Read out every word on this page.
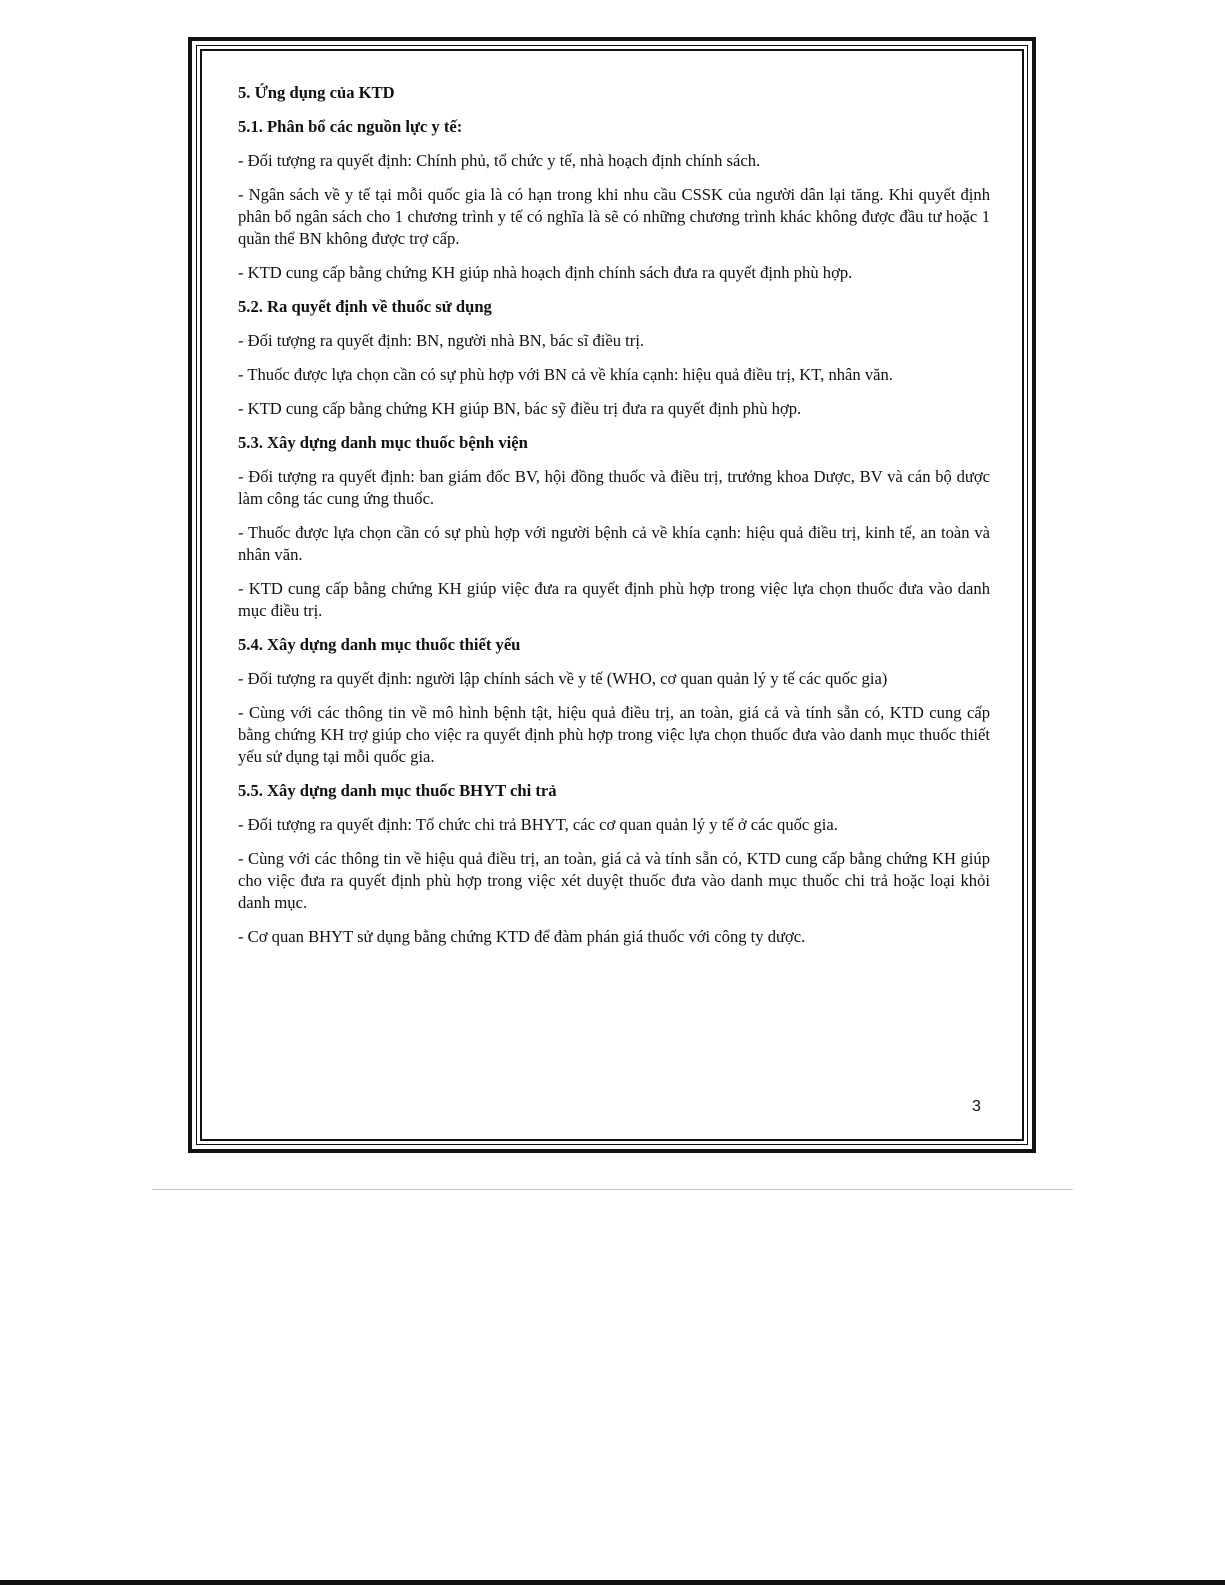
5. Ứng dụng của KTD
5.1. Phân bổ các nguồn lực y tế:
- Đối tượng ra quyết định: Chính phủ, tổ chức y tế, nhà hoạch định chính sách.
- Ngân sách về y tế tại mỗi quốc gia là có hạn trong khi nhu cầu CSSK của người dân lại tăng. Khi quyết định phân bổ ngân sách cho 1 chương trình y tế có nghĩa là sẽ có những chương trình khác không được đầu tư hoặc 1 quần thể BN không được trợ cấp.
- KTD cung cấp bằng chứng KH giúp nhà hoạch định chính sách đưa ra quyết định phù hợp.
5.2. Ra quyết định về thuốc sử dụng
- Đối tượng ra quyết định: BN, người nhà BN, bác sĩ điều trị.
- Thuốc được lựa chọn cần có sự phù hợp với BN cả về khía cạnh: hiệu quả điều trị, KT, nhân văn.
- KTD cung cấp bằng chứng KH giúp BN, bác sỹ điều trị đưa ra quyết định phù hợp.
5.3. Xây dựng danh mục thuốc bệnh viện
- Đối tượng ra quyết định: ban giám đốc BV, hội đồng thuốc và điều trị, trưởng khoa Dược, BV và cán bộ dược làm công tác cung ứng thuốc.
- Thuốc được lựa chọn cần có sự phù hợp với người bệnh cả về khía cạnh: hiệu quả điều trị, kinh tế, an toàn và nhân văn.
- KTD cung cấp bằng chứng KH giúp việc đưa ra quyết định phù hợp trong việc lựa chọn thuốc đưa vào danh mục điều trị.
5.4. Xây dựng danh mục thuốc thiết yếu
- Đối tượng ra quyết định: người lập chính sách về y tế (WHO, cơ quan quản lý y tế các quốc gia)
- Cùng với các thông tin về mô hình bệnh tật, hiệu quả điều trị, an toàn, giá cả và tính sẵn có, KTD cung cấp bằng chứng KH trợ giúp cho việc ra quyết định phù hợp trong việc lựa chọn thuốc đưa vào danh mục thuốc thiết yếu sử dụng tại mỗi quốc gia.
5.5. Xây dựng danh mục thuốc BHYT chi trả
- Đối tượng ra quyết định: Tổ chức chi trả BHYT, các cơ quan quản lý y tế ở các quốc gia.
- Cùng với các thông tin về hiệu quả điều trị, an toàn, giá cả và tính sẵn có, KTD cung cấp bằng chứng KH giúp cho việc đưa ra quyết định phù hợp trong việc xét duyệt thuốc đưa vào danh mục thuốc chi trả hoặc loại khỏi danh mục.
- Cơ quan BHYT sử dụng bằng chứng KTD để đàm phán giá thuốc với công ty dược.
3
